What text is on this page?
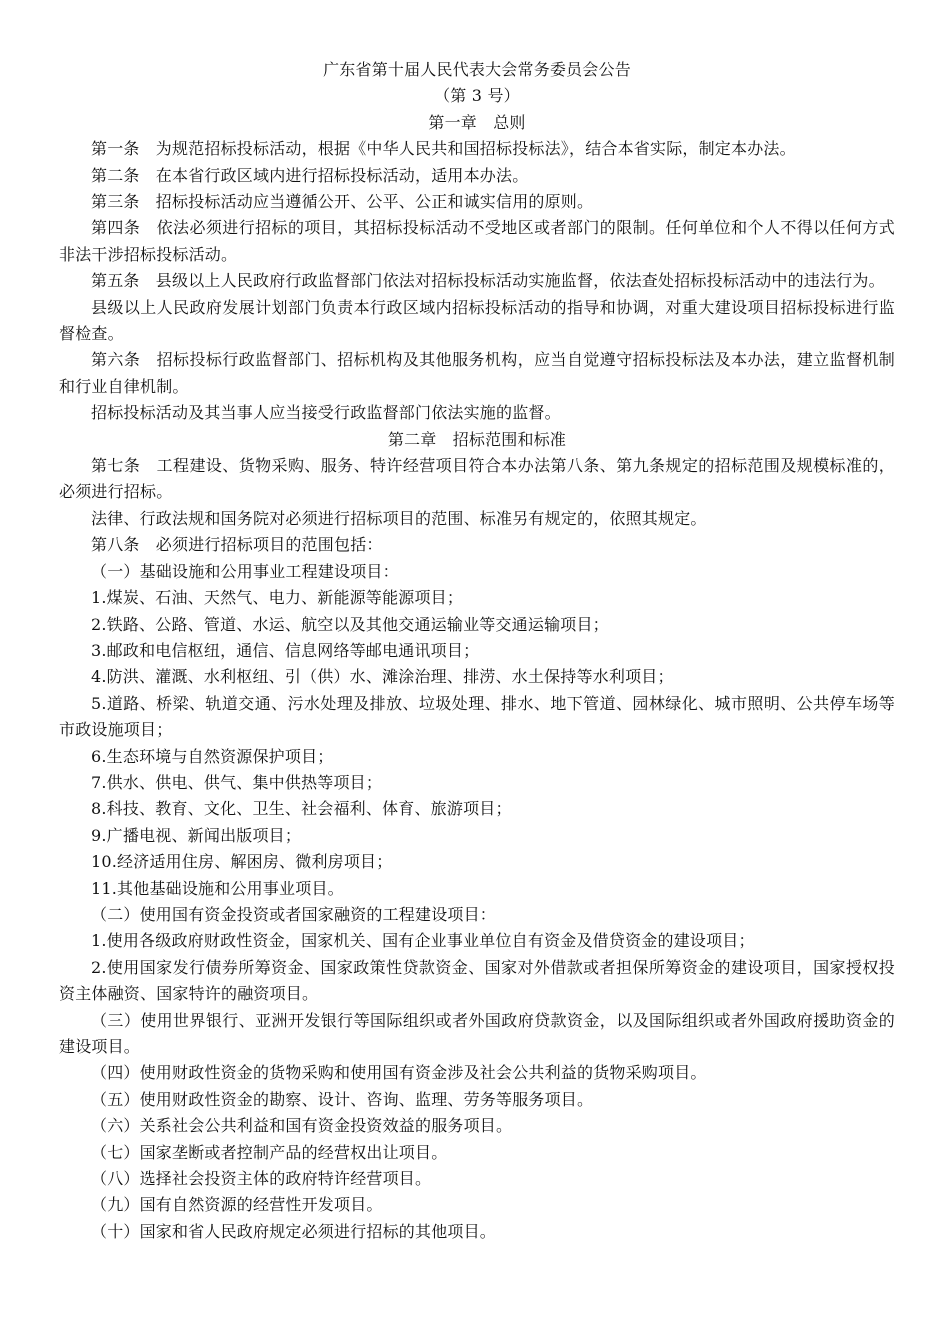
广东省第十届人民代表大会常务委员会公告

（第 3 号）

第一章　总则

第一条　为规范招标投标活动，根据《中华人民共和国招标投标法》，结合本省实际，制定本办法。

第二条　在本省行政区域内进行招标投标活动，适用本办法。

第三条　招标投标活动应当遵循公开、公平、公正和诚实信用的原则。

第四条　依法必须进行招标的项目，其招标投标活动不受地区或者部门的限制。任何单位和个人不得以任何方式非法干涉招标投标活动。

第五条　县级以上人民政府行政监督部门依法对招标投标活动实施监督，依法查处招标投标活动中的违法行为。

县级以上人民政府发展计划部门负责本行政区域内招标投标活动的指导和协调，对重大建设项目招标投标进行监督检查。

第六条　招标投标行政监督部门、招标机构及其他服务机构，应当自觉遵守招标投标法及本办法，建立监督机制和行业自律机制。

招标投标活动及其当事人应当接受行政监督部门依法实施的监督。

第二章　招标范围和标准

第七条　工程建设、货物采购、服务、特许经营项目符合本办法第八条、第九条规定的招标范围及规模标准的，必须进行招标。

法律、行政法规和国务院对必须进行招标项目的范围、标准另有规定的，依照其规定。

第八条　必须进行招标项目的范围包括：

（一）基础设施和公用事业工程建设项目：

1.煤炭、石油、天然气、电力、新能源等能源项目；

2.铁路、公路、管道、水运、航空以及其他交通运输业等交通运输项目；

3.邮政和电信枢纽，通信、信息网络等邮电通讯项目；

4.防洪、灌溉、水利枢纽、引（供）水、滩涂治理、排涝、水土保持等水利项目；

5.道路、桥梁、轨道交通、污水处理及排放、垃圾处理、排水、地下管道、园林绿化、城市照明、公共停车场等市政设施项目；

6.生态环境与自然资源保护项目；

7.供水、供电、供气、集中供热等项目；

8.科技、教育、文化、卫生、社会福利、体育、旅游项目；

9.广播电视、新闻出版项目；

10.经济适用住房、解困房、微利房项目；

11.其他基础设施和公用事业项目。

（二）使用国有资金投资或者国家融资的工程建设项目：

1.使用各级政府财政性资金，国家机关、国有企业事业单位自有资金及借贷资金的建设项目；

2.使用国家发行债券所筹资金、国家政策性贷款资金、国家对外借款或者担保所筹资金的建设项目，国家授权投资主体融资、国家特许的融资项目。

（三）使用世界银行、亚洲开发银行等国际组织或者外国政府贷款资金，以及国际组织或者外国政府援助资金的建设项目。

（四）使用财政性资金的货物采购和使用国有资金涉及社会公共利益的货物采购项目。

（五）使用财政性资金的勘察、设计、咨询、监理、劳务等服务项目。

（六）关系社会公共利益和国有资金投资效益的服务项目。

（七）国家垄断或者控制产品的经营权出让项目。

（八）选择社会投资主体的政府特许经营项目。

（九）国有自然资源的经营性开发项目。

（十）国家和省人民政府规定必须进行招标的其他项目。
